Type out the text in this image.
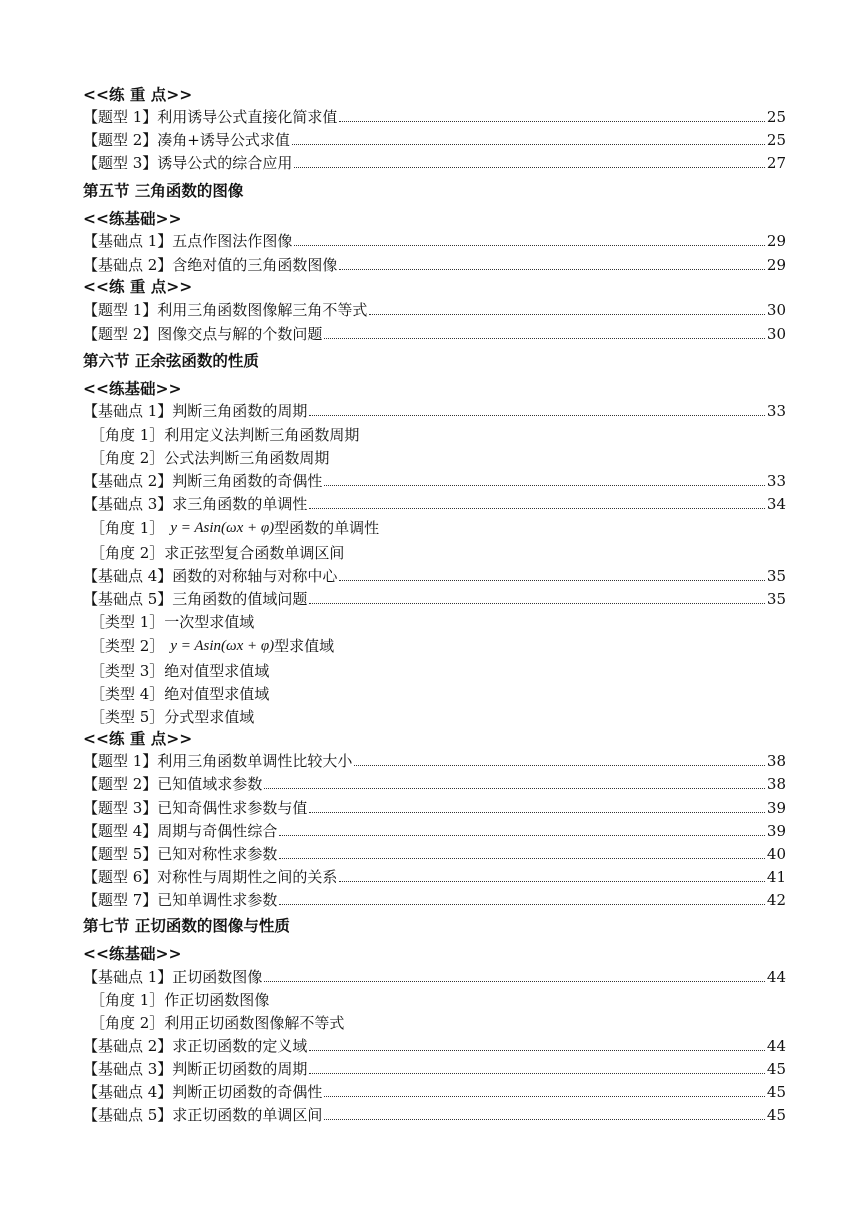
<<练 重 点>>
【题型 1】利用诱导公式直接化简求值	25
【题型 2】凑角+诱导公式求值	25
【题型 3】诱导公式的综合应用	27
第五节 三角函数的图像
<<练基础>>
【基础点 1】五点作图法作图像	29
【基础点 2】含绝对值的三角函数图像	29
<<练 重 点>>
【题型 1】利用三角函数图像解三角不等式	30
【题型 2】图像交点与解的个数问题	30
第六节 正余弦函数的性质
<<练基础>>
【基础点 1】判断三角函数的周期	33
［角度 1］利用定义法判断三角函数周期
［角度 2］公式法判断三角函数周期
【基础点 2】判断三角函数的奇偶性	33
【基础点 3】求三角函数的单调性	34
［角度 1］ y = Asin(ωx + φ) 型函数的单调性
［角度 2］求正弦型复合函数单调区间
【基础点 4】函数的对称轴与对称中心	35
【基础点 5】三角函数的值域问题	35
［类型 1］一次型求值域
［类型 2］ y = Asin(ωx + φ) 型求值域
［类型 3］绝对值型求值域
［类型 4］绝对值型求值域
［类型 5］分式型求值域
<<练 重 点>>
【题型 1】利用三角函数单调性比较大小	38
【题型 2】已知值域求参数	38
【题型 3】已知奇偶性求参数与值	39
【题型 4】周期与奇偶性综合	39
【题型 5】已知对称性求参数	40
【题型 6】对称性与周期性之间的关系	41
【题型 7】已知单调性求参数	42
第七节 正切函数的图像与性质
<<练基础>>
【基础点 1】正切函数图像	44
［角度 1］作正切函数图像
［角度 2］利用正切函数图像解不等式
【基础点 2】求正切函数的定义域	44
【基础点 3】判断正切函数的周期	45
【基础点 4】判断正切函数的奇偶性	45
【基础点 5】求正切函数的单调区间	45
